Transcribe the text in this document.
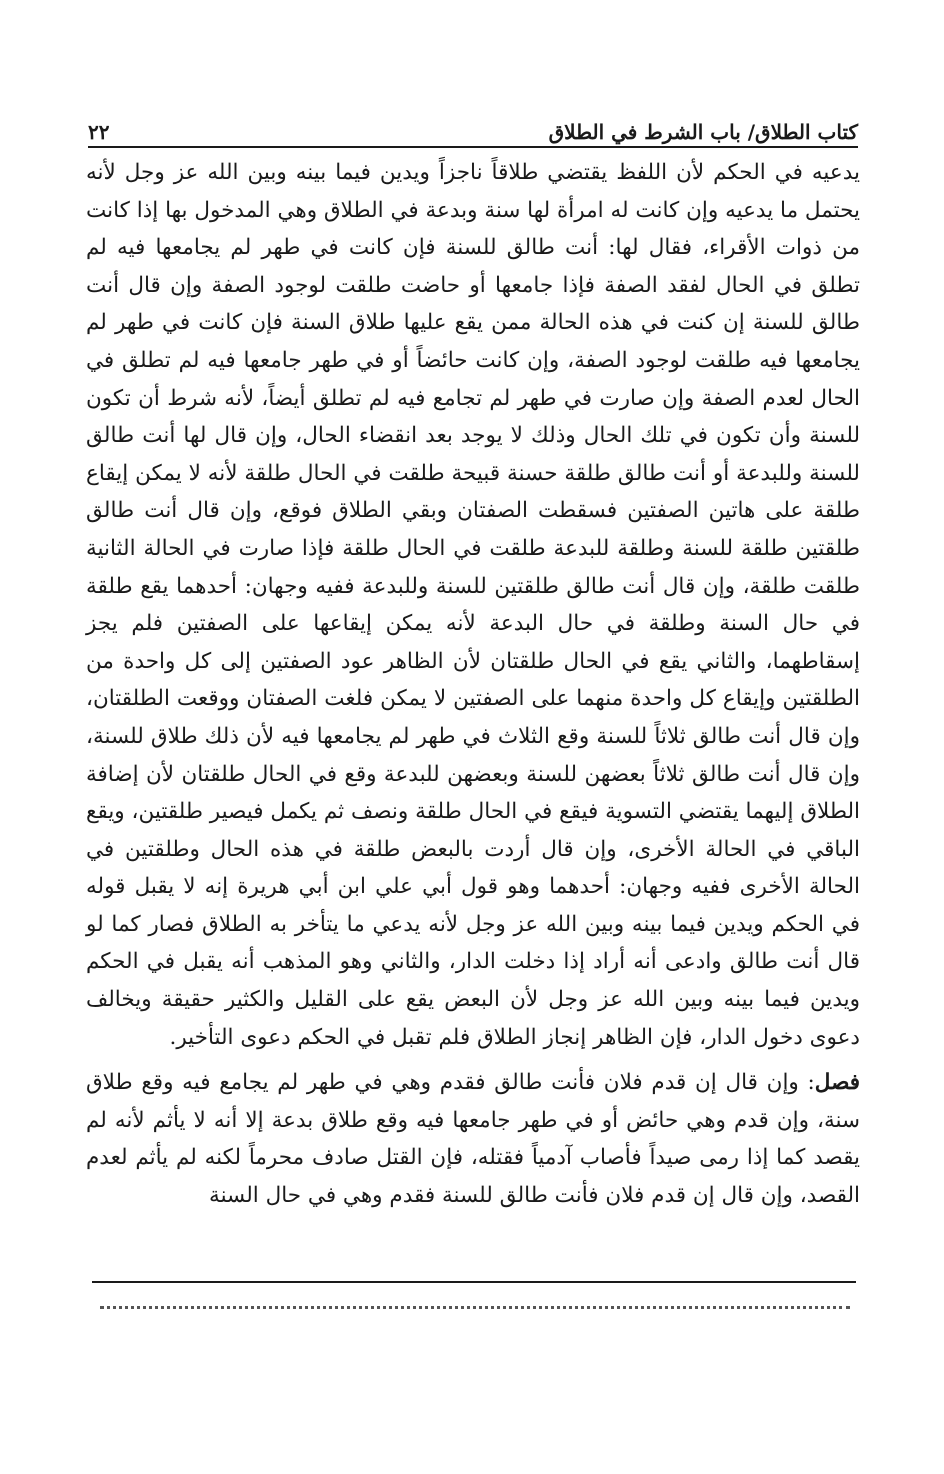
كتاب الطلاق/ باب الشرط في الطلاق
٢٢

يدعيه في الحكم لأن اللفظ يقتضي طلاقاً ناجزاً ويدين فيما بينه وبين الله عز وجل لأنه يحتمل ما يدعيه وإن كانت له امرأة لها سنة وبدعة في الطلاق وهي المدخول بها إذا كانت من ذوات الأقراء، فقال لها: أنت طالق للسنة فإن كانت في طهر لم يجامعها فيه لم تطلق في الحال لفقد الصفة فإذا جامعها أو حاضت طلقت لوجود الصفة وإن قال أنت طالق للسنة إن كنت في هذه الحالة ممن يقع عليها طلاق السنة فإن كانت في طهر لم يجامعها فيه طلقت لوجود الصفة، وإن كانت حائضاً أو في طهر جامعها فيه لم تطلق في الحال لعدم الصفة وإن صارت في طهر لم تجامع فيه لم تطلق أيضاً، لأنه شرط أن تكون للسنة وأن تكون في تلك الحال وذلك لا يوجد بعد انقضاء الحال، وإن قال لها أنت طالق للسنة وللبدعة أو أنت طالق طلقة حسنة قبيحة طلقت في الحال طلقة لأنه لا يمكن إيقاع طلقة على هاتين الصفتين فسقطت الصفتان وبقي الطلاق فوقع، وإن قال أنت طالق طلقتين طلقة للسنة وطلقة للبدعة طلقت في الحال طلقة فإذا صارت في الحالة الثانية طلقت طلقة، وإن قال أنت طالق طلقتين للسنة وللبدعة ففيه وجهان: أحدهما يقع طلقة في حال السنة وطلقة في حال البدعة لأنه يمكن إيقاعها على الصفتين فلم يجز إسقاطهما، والثاني يقع في الحال طلقتان لأن الظاهر عود الصفتين إلى كل واحدة من الطلقتين وإيقاع كل واحدة منهما على الصفتين لا يمكن فلغت الصفتان ووقعت الطلقتان، وإن قال أنت طالق ثلاثاً للسنة وقع الثلاث في طهر لم يجامعها فيه لأن ذلك طلاق للسنة، وإن قال أنت طالق ثلاثاً بعضهن للسنة وبعضهن للبدعة وقع في الحال طلقتان لأن إضافة الطلاق إليهما يقتضي التسوية فيقع في الحال طلقة ونصف ثم يكمل فيصير طلقتين، ويقع الباقي في الحالة الأخرى، وإن قال أردت بالبعض طلقة في هذه الحال وطلقتين في الحالة الأخرى ففيه وجهان: أحدهما وهو قول أبي علي ابن أبي هريرة إنه لا يقبل قوله في الحكم ويدين فيما بينه وبين الله عز وجل لأنه يدعي ما يتأخر به الطلاق فصار كما لو قال أنت طالق وادعى أنه أراد إذا دخلت الدار، والثاني وهو المذهب أنه يقبل في الحكم ويدين فيما بينه وبين الله عز وجل لأن البعض يقع على القليل والكثير حقيقة ويخالف دعوى دخول الدار، فإن الظاهر إنجاز الطلاق فلم تقبل في الحكم دعوى التأخير.

فصل: وإن قال إن قدم فلان فأنت طالق فقدم وهي في طهر لم يجامع فيه وقع طلاق سنة، وإن قدم وهي حائض أو في طهر جامعها فيه وقع طلاق بدعة إلا أنه لا يأثم لأنه لم يقصد كما إذا رمى صيداً فأصاب آدمياً فقتله، فإن القتل صادف محرماً لكنه لم يأثم لعدم القصد، وإن قال إن قدم فلان فأنت طالق للسنة فقدم وهي في حال السنة
